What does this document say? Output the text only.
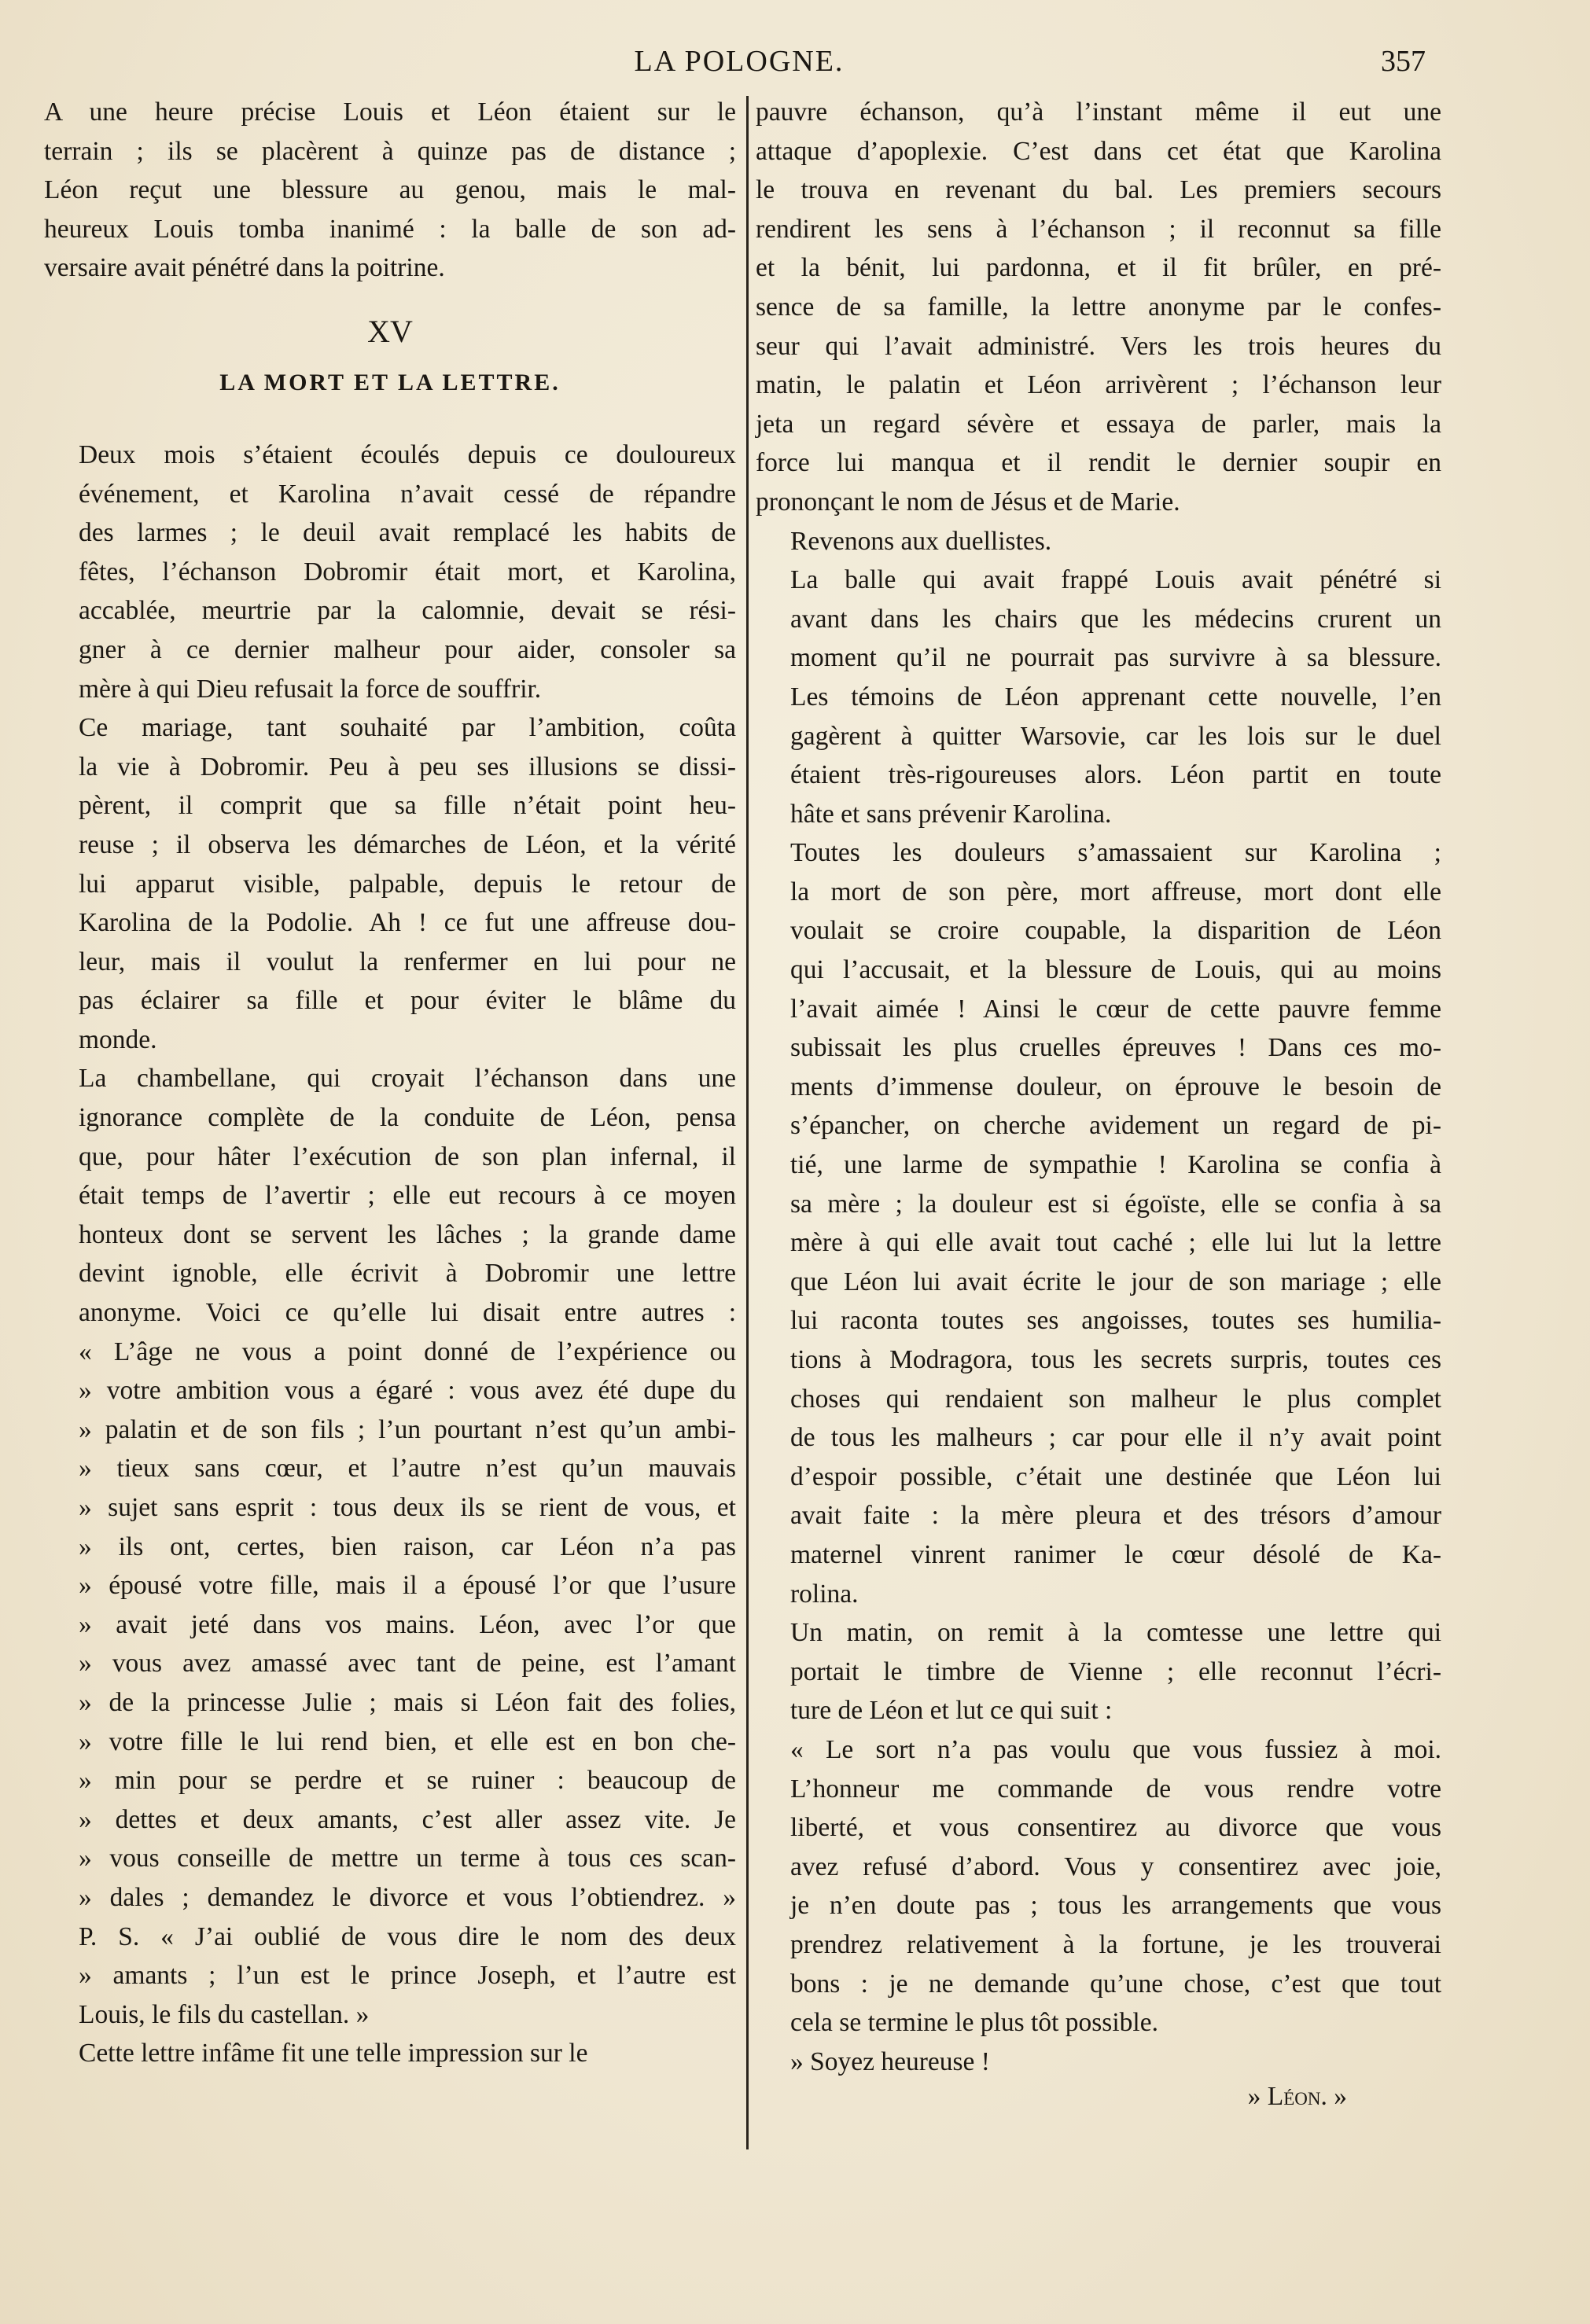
LA POLOGNE.	357

A une heure précise Louis et Léon étaient sur le
terrain ; ils se placèrent à quinze pas de distance ;
Léon reçut une blessure au genou, mais le mal-
heureux Louis tomba inanimé : la balle de son ad-
versaire avait pénétré dans la poitrine.

XV
LA MORT ET LA LETTRE.

Deux mois s’étaient écoulés depuis ce douloureux
événement, et Karolina n’avait cessé de répandre
des larmes ; le deuil avait remplacé les habits de
fêtes, l’échanson Dobromir était mort, et Karolina,
accablée, meurtrie par la calomnie, devait se rési-
gner à ce dernier malheur pour aider, consoler sa
mère à qui Dieu refusait la force de souffrir.

Ce mariage, tant souhaité par l’ambition, coûta
la vie à Dobromir. Peu à peu ses illusions se dissi-
pèrent, il comprit que sa fille n’était point heu-
reuse ; il observa les démarches de Léon, et la vérité
lui apparut visible, palpable, depuis le retour de
Karolina de la Podolie. Ah ! ce fut une affreuse dou-
leur, mais il voulut la renfermer en lui pour ne
pas éclairer sa fille et pour éviter le blâme du
monde.

La chambellane, qui croyait l’échanson dans une
ignorance complète de la conduite de Léon, pensa
que, pour hâter l’exécution de son plan infernal, il
était temps de l’avertir ; elle eut recours à ce moyen
honteux dont se servent les lâches ; la grande dame
devint ignoble, elle écrivit à Dobromir une lettre
anonyme. Voici ce qu’elle lui disait entre autres :
« L’âge ne vous a point donné de l’expérience ou
» votre ambition vous a égaré : vous avez été dupe du
» palatin et de son fils ; l’un pourtant n’est qu’un ambi-
» tieux sans cœur, et l’autre n’est qu’un mauvais
» sujet sans esprit : tous deux ils se rient de vous, et
» ils ont, certes, bien raison, car Léon n’a pas
» épousé votre fille, mais il a épousé l’or que l’usure
» avait jeté dans vos mains. Léon, avec l’or que
» vous avez amassé avec tant de peine, est l’amant
» de la princesse Julie ; mais si Léon fait des folies,
» votre fille le lui rend bien, et elle est en bon che-
» min pour se perdre et se ruiner : beaucoup de
» dettes et deux amants, c’est aller assez vite. Je
» vous conseille de mettre un terme à tous ces scan-
» dales ; demandez le divorce et vous l’obtiendrez. »
P. S. « J’ai oublié de vous dire le nom des deux
» amants ; l’un est le prince Joseph, et l’autre est
Louis, le fils du castellan. »

Cette lettre infâme fit une telle impression sur le

pauvre échanson, qu’à l’instant même il eut une
attaque d’apoplexie. C’est dans cet état que Karolina
le trouva en revenant du bal. Les premiers secours
rendirent les sens à l’échanson ; il reconnut sa fille
et la bénit, lui pardonna, et il fit brûler, en pré-
sence de sa famille, la lettre anonyme par le confes-
seur qui l’avait administré. Vers les trois heures du
matin, le palatin et Léon arrivèrent ; l’échanson leur
jeta un regard sévère et essaya de parler, mais la
force lui manqua et il rendit le dernier soupir en
prononçant le nom de Jésus et de Marie.

Revenons aux duellistes.

La balle qui avait frappé Louis avait pénétré si
avant dans les chairs que les médecins crurent un
moment qu’il ne pourrait pas survivre à sa blessure.
Les témoins de Léon apprenant cette nouvelle, l’en
gagèrent à quitter Warsovie, car les lois sur le duel
étaient très-rigoureuses alors. Léon partit en toute
hâte et sans prévenir Karolina.

Toutes les douleurs s’amassaient sur Karolina ;
la mort de son père, mort affreuse, mort dont elle
voulait se croire coupable, la disparition de Léon
qui l’accusait, et la blessure de Louis, qui au moins
l’avait aimée ! Ainsi le cœur de cette pauvre femme
subissait les plus cruelles épreuves ! Dans ces mo-
ments d’immense douleur, on éprouve le besoin de
s’épancher, on cherche avidement un regard de pi-
tié, une larme de sympathie ! Karolina se confia à
sa mère ; la douleur est si égoïste, elle se confia à sa
mère à qui elle avait tout caché ; elle lui lut la lettre
que Léon lui avait écrite le jour de son mariage ; elle
lui raconta toutes ses angoisses, toutes ses humilia-
tions à Modragora, tous les secrets surpris, toutes ces
choses qui rendaient son malheur le plus complet
de tous les malheurs ; car pour elle il n’y avait point
d’espoir possible, c’était une destinée que Léon lui
avait faite : la mère pleura et des trésors d’amour
maternel vinrent ranimer le cœur désolé de Ka-
rolina.

Un matin, on remit à la comtesse une lettre qui
portait le timbre de Vienne ; elle reconnut l’écri-
ture de Léon et lut ce qui suit :

« Le sort n’a pas voulu que vous fussiez à moi.
L’honneur me commande de vous rendre votre
liberté, et vous consentirez au divorce que vous
avez refusé d’abord. Vous y consentirez avec joie,
je n’en doute pas ; tous les arrangements que vous
prendrez relativement à la fortune, je les trouverai
bons : je ne demande qu’une chose, c’est que tout
cela se termine le plus tôt possible.

» Soyez heureuse !

» Léon. »
